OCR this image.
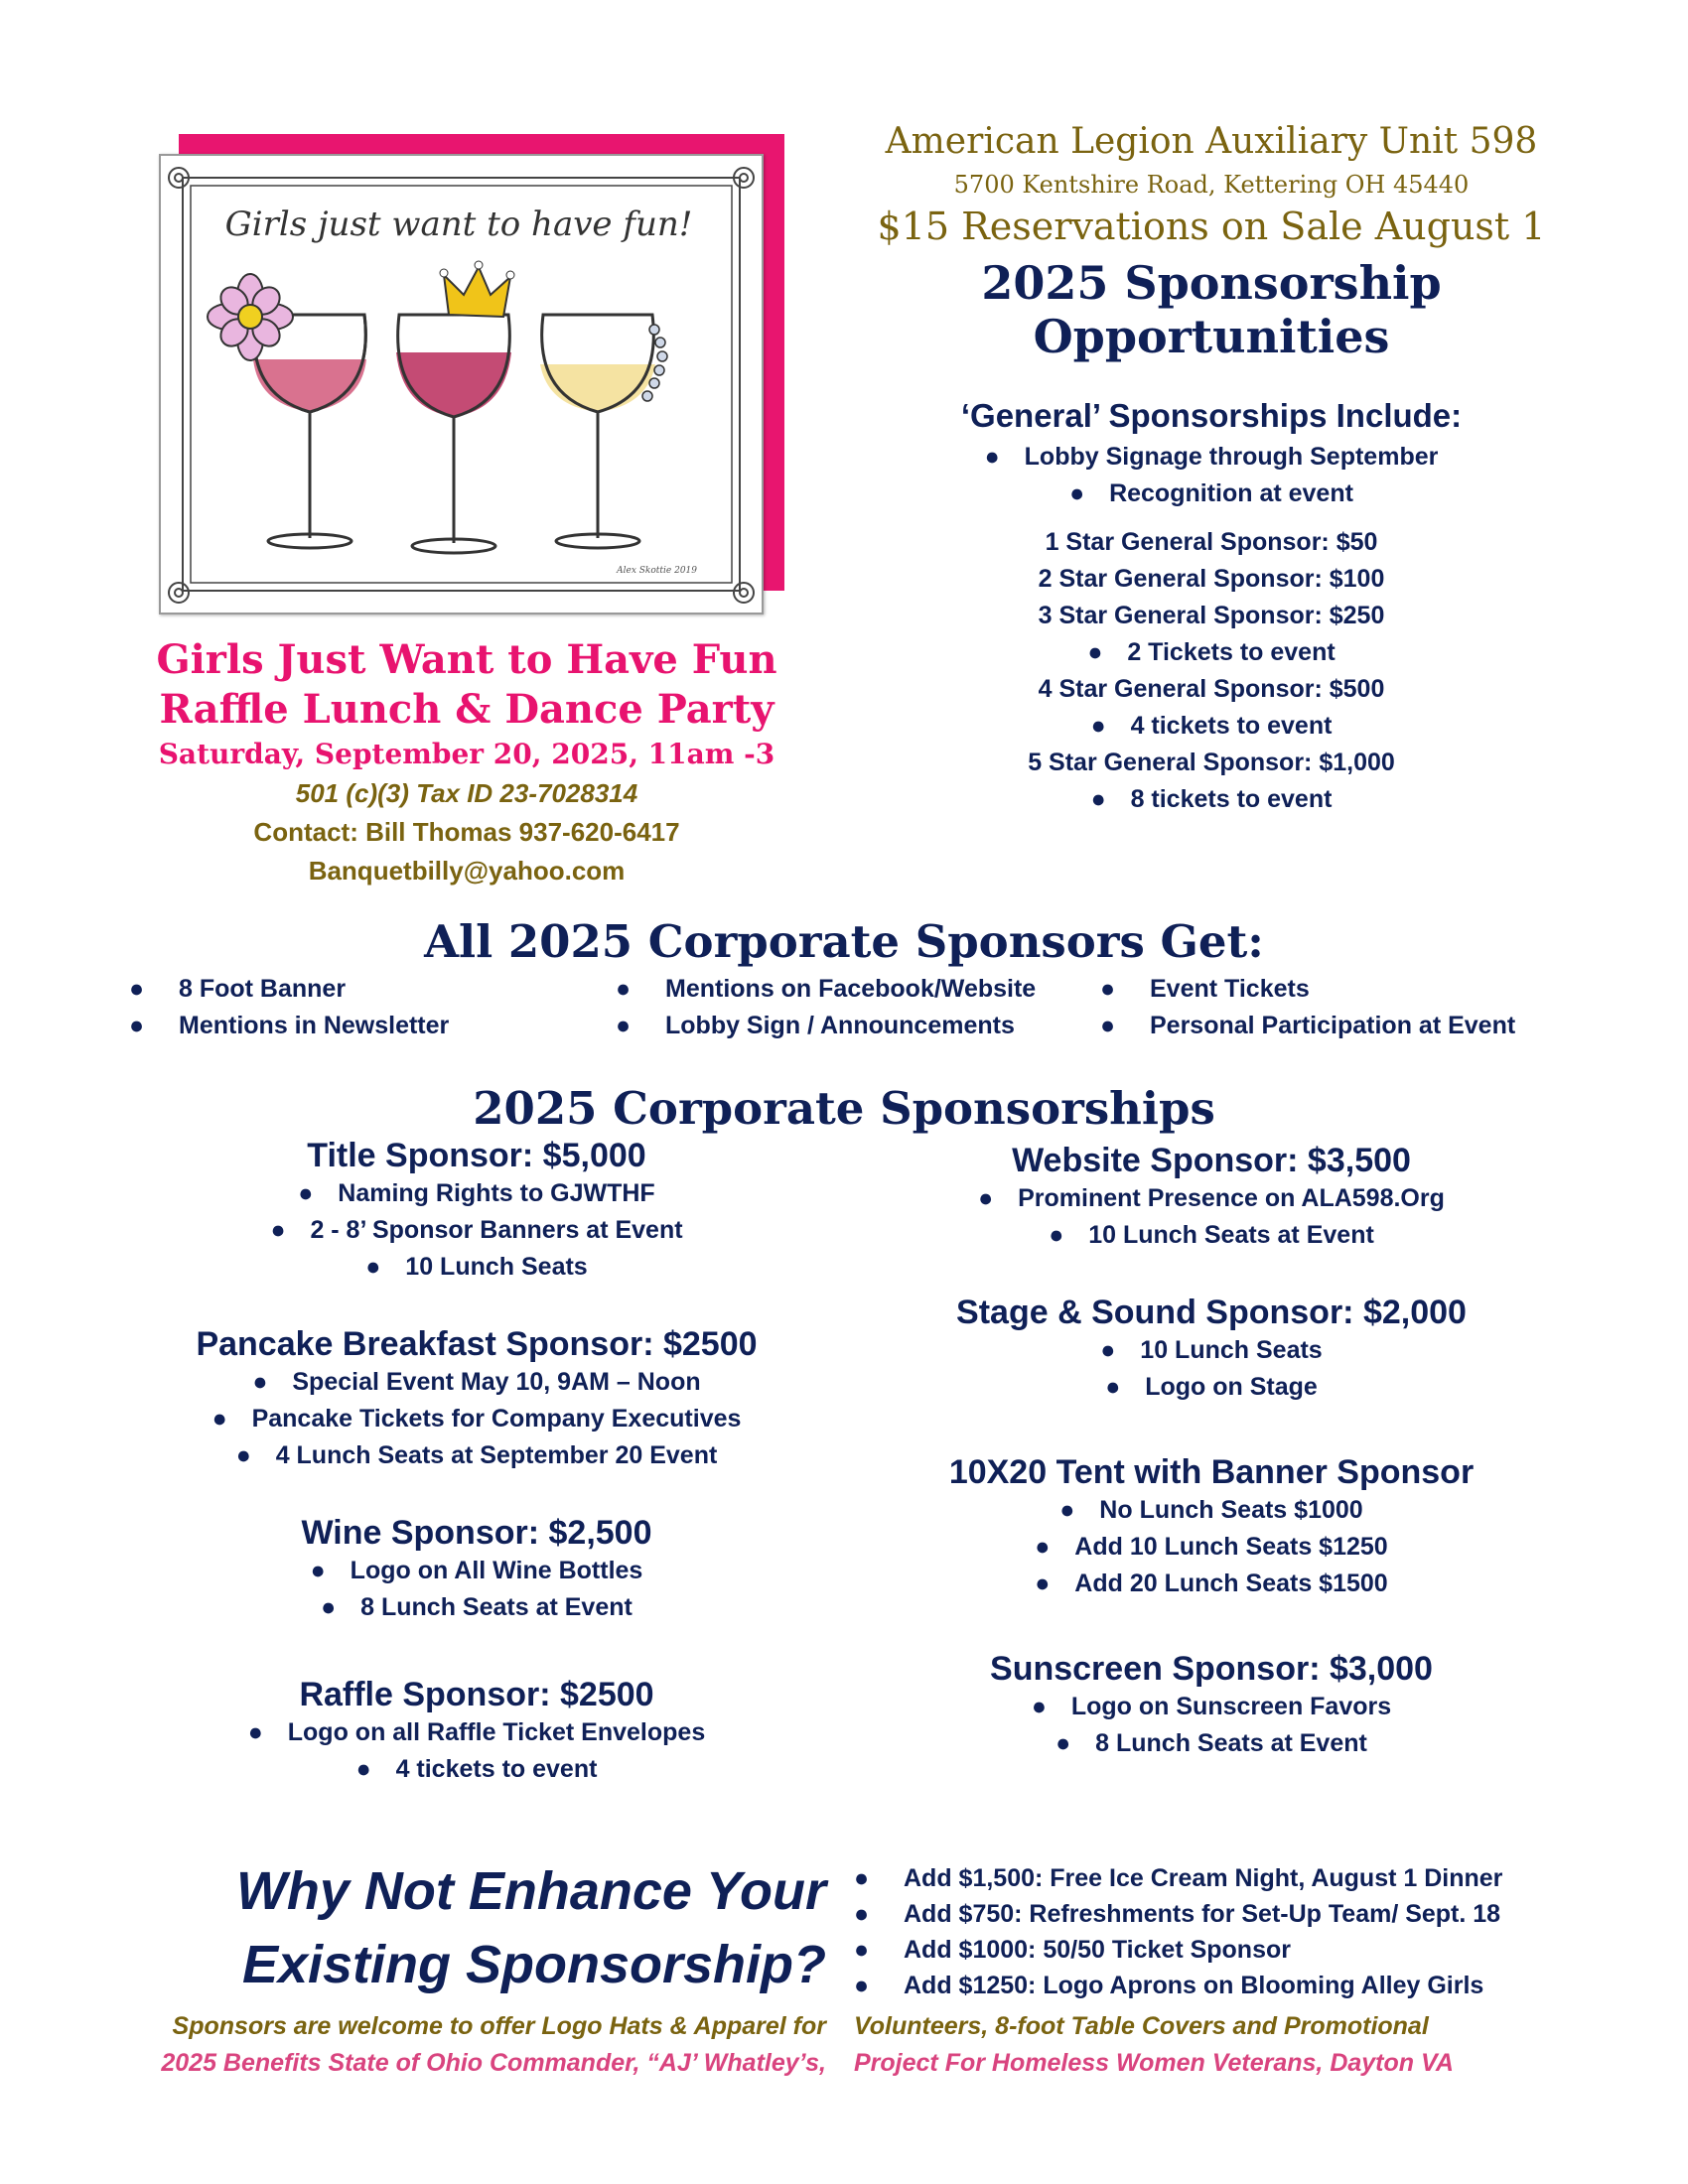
Girls just want to have fun!
Alex Skottie 2019
American Legion Auxiliary Unit 598
5700 Kentshire Road, Kettering OH 45440
$15 Reservations on Sale August 1
2025 Sponsorship
Opportunities
‘General’ Sponsorships Include:
● Lobby Signage through September
● Recognition at event
1 Star General Sponsor: $50
2 Star General Sponsor: $100
3 Star General Sponsor: $250
● 2 Tickets to event
4 Star General Sponsor: $500
● 4 tickets to event
5 Star General Sponsor: $1,000
● 8 tickets to event
Girls Just Want to Have Fun
Raffle Lunch & Dance Party
Saturday, September 20, 2025, 11am -3
501 (c)(3) Tax ID 23-7028314
Contact: Bill Thomas 937-620-6417
Banquetbilly@yahoo.com
All 2025 Corporate Sponsors Get:
● 8 Foot Banner
● Mentions in Newsletter
● Mentions on Facebook/Website
● Lobby Sign / Announcements
● Event Tickets
● Personal Participation at Event
2025 Corporate Sponsorships
Title Sponsor: $5,000
● Naming Rights to GJWTHF
● 2 - 8’ Sponsor Banners at Event
● 10 Lunch Seats
Pancake Breakfast Sponsor: $2500
● Special Event May 10, 9AM – Noon
● Pancake Tickets for Company Executives
● 4 Lunch Seats at September 20 Event
Wine Sponsor: $2,500
● Logo on All Wine Bottles
● 8 Lunch Seats at Event
Raffle Sponsor: $2500
● Logo on all Raffle Ticket Envelopes
● 4 tickets to event
Website Sponsor: $3,500
● Prominent Presence on ALA598.Org
● 10 Lunch Seats at Event
Stage & Sound Sponsor: $2,000
● 10 Lunch Seats
● Logo on Stage
10X20 Tent with Banner Sponsor
● No Lunch Seats $1000
● Add 10 Lunch Seats $1250
● Add 20 Lunch Seats $1500
Sunscreen Sponsor: $3,000
● Logo on Sunscreen Favors
● 8 Lunch Seats at Event
Why Not Enhance Your
Existing Sponsorship?
● Add $1,500: Free Ice Cream Night, August 1 Dinner
● Add $750: Refreshments for Set-Up Team/ Sept. 18
● Add $1000: 50/50 Ticket Sponsor
● Add $1250: Logo Aprons on Blooming Alley Girls
Sponsors are welcome to offer Logo Hats & Apparel for Volunteers, 8-foot Table Covers and Promotional
2025 Benefits State of Ohio Commander, “AJ’ Whatley’s, Project For Homeless Women Veterans, Dayton VA
